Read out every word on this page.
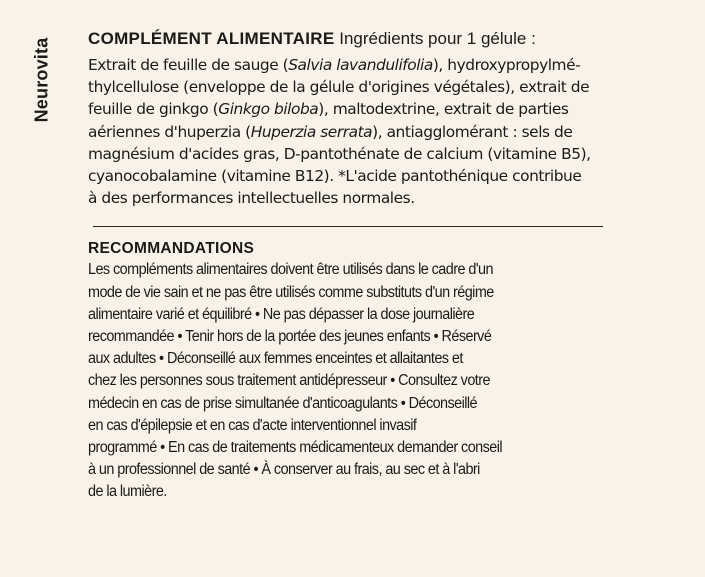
Neurovita COMPLÉMENT ALIMENTAIRE Ingrédients pour 1 gélule :

Extrait de feuille de sauge (Salvia lavandulifolia), hydroxypropylmé-
thylcellulose (enveloppe de la gélule d'origines végétales), extrait de
feuille de ginkgo (Ginkgo biloba), maltodextrine, extrait de parties
aériennes d'huperzia (Huperzia serrata), antiagglomérant : sels de
magnésium d'acides gras, D-pantothénate de calcium (vitamine B5),
cyanocobalamine (vitamine B12). *L'acide pantothénique contribue
à des performances intellectuelles normales.

RECOMMANDATIONS

Les compléments alimentaires doivent être utilisés dans le cadre d'un
mode de vie sain et ne pas être utilisés comme substituts d'un régime
alimentaire varié et équilibré • Ne pas dépasser la dose journalière
recommandée • Tenir hors de la portée des jeunes enfants • Réservé
aux adultes • Déconseillé aux femmes enceintes et allaitantes et
chez les personnes sous traitement antidépresseur • Consultez votre
médecin en cas de prise simultanée d'anticoagulants • Déconseillé
en cas d'épilepsie et en cas d'acte interventionnel invasif
programmé • En cas de traitements médicamenteux demander conseil
à un professionnel de santé • À conserver au frais, au sec et à l'abri
de la lumière.
